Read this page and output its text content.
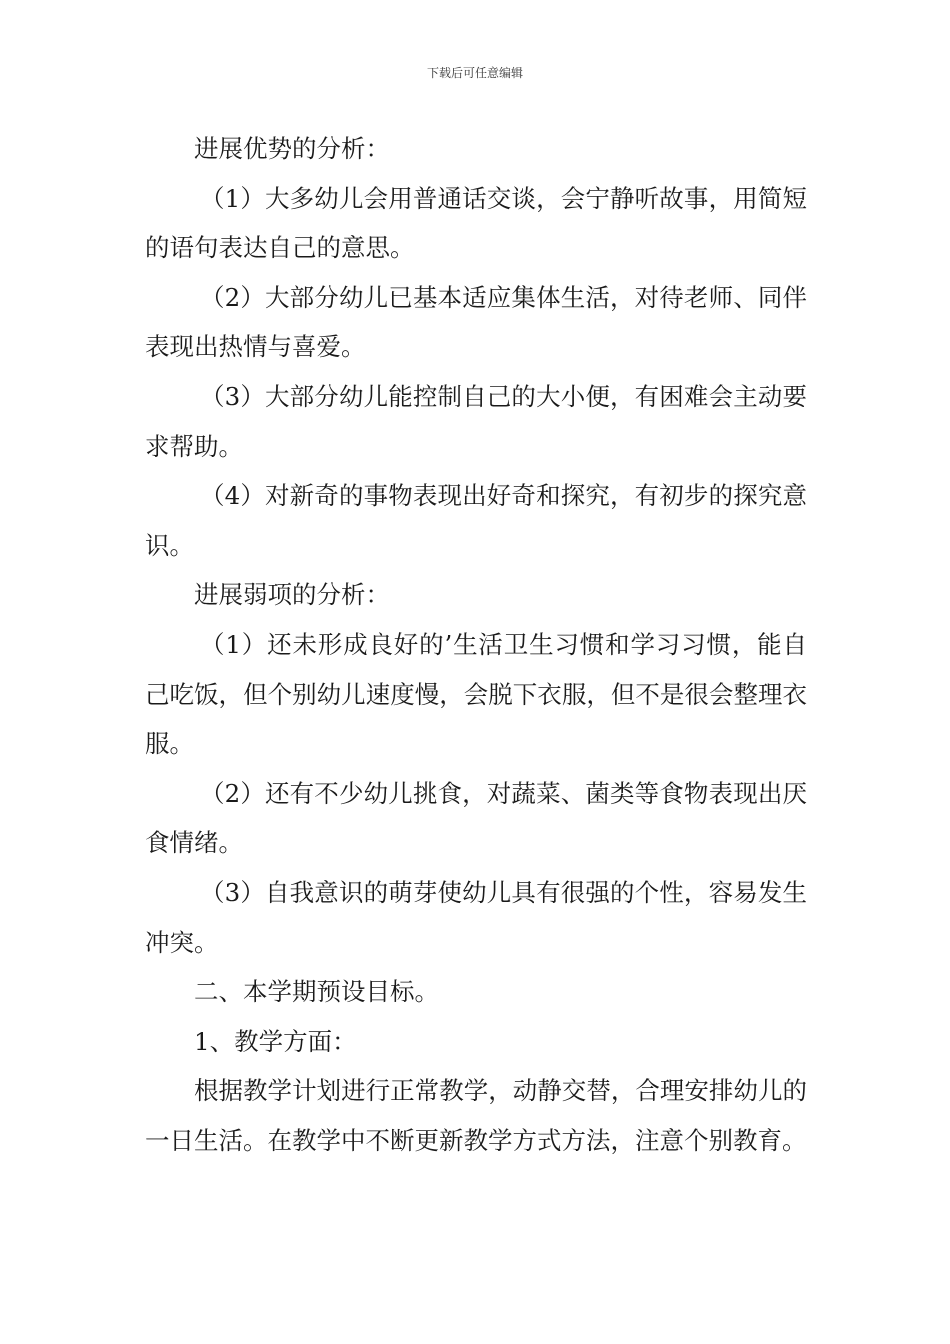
下载后可任意编辑

进展优势的分析：

（1）大多幼儿会用普通话交谈，会宁静听故事，用简短的语句表达自己的意思。

（2）大部分幼儿已基本适应集体生活，对待老师、同伴表现出热情与喜爱。

（3）大部分幼儿能控制自己的大小便，有困难会主动要求帮助。

（4）对新奇的事物表现出好奇和探究，有初步的探究意识。

进展弱项的分析：

（1）还未形成良好的’生活卫生习惯和学习习惯，能自己吃饭，但个别幼儿速度慢，会脱下衣服，但不是很会整理衣服。

（2）还有不少幼儿挑食，对蔬菜、菌类等食物表现出厌食情绪。

（3）自我意识的萌芽使幼儿具有很强的个性，容易发生冲突。

二、本学期预设目标。

1、教学方面：

根据教学计划进行正常教学，动静交替，合理安排幼儿的一日生活。在教学中不断更新教学方式方法，注意个别教育。
